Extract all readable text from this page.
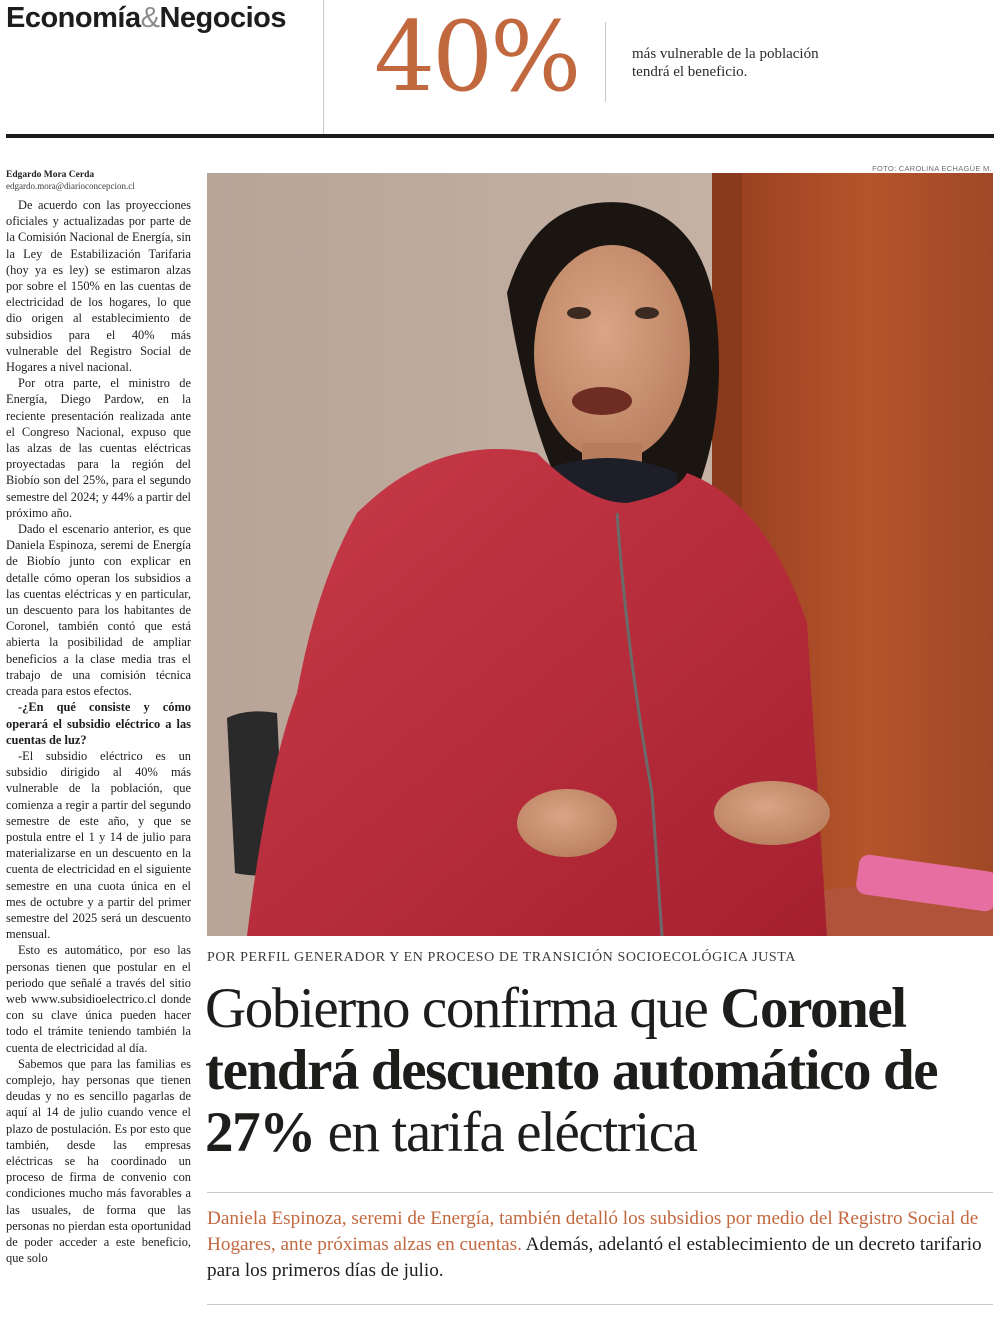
Economía&Negocios 40%	más vulnerable de la población
tendrá el beneficio.
Edgardo Mora Cerda
edgardo.mora@diarioconcepcion.cl

De acuerdo con las proyecciones oficiales y actualizadas por parte de la Comisión Nacional de Energía, sin la Ley de Estabilización Tarifaria (hoy ya es ley) se estimaron alzas por sobre el 150% en las cuentas de electricidad de los hogares, lo que dio origen al establecimiento de subsidios para el 40% más vulnerable del Registro Social de Hogares a nivel nacional.

Por otra parte, el ministro de Energía, Diego Pardow, en la reciente presentación realizada ante el Congreso Nacional, expuso que las alzas de las cuentas eléctricas proyectadas para la región del Biobío son del 25%, para el segundo semestre del 2024; y 44% a partir del próximo año.

Dado el escenario anterior, es que Daniela Espinoza, seremi de Energía de Biobío junto con explicar en detalle cómo operan los subsidios a las cuentas eléctricas y en particular, un descuento para los habitantes de Coronel, también contó que está abierta la posibilidad de ampliar beneficios a la clase media tras el trabajo de una comisión técnica creada para estos efectos.

-¿En qué consiste y cómo operará el subsidio eléctrico a las cuentas de luz?

-El subsidio eléctrico es un subsidio dirigido al 40% más vulnerable de la población, que comienza a regir a partir del segundo semestre de este año, y que se postula entre el 1 y 14 de julio para materializarse en un descuento en la cuenta de electricidad en el siguiente semestre en una cuota única en el mes de octubre y a partir del primer semestre del 2025 será un descuento mensual.

Esto es automático, por eso las personas tienen que postular en el periodo que señalé a través del sitio web www.subsidioelectrico.cl donde con su clave única pueden hacer todo el trámite teniendo también la cuenta de electricidad al día.

Sabemos que para las familias es complejo, hay personas que tienen deudas y no es sencillo pagarlas de aquí al 14 de julio cuando vence el plazo de postulación. Es por esto que también, desde las empresas eléctricas se ha coordinado un proceso de firma de convenio con condiciones mucho más favorables a las usuales, de forma que las personas no pierdan esta oportunidad de poder acceder a este beneficio, que solo

FOTO: CAROLINA ECHAGÜE M.
POR PERFIL GENERADOR Y EN PROCESO DE TRANSICIÓN SOCIOECOLÓGICA JUSTA
Gobierno confirma que Coronel tendrá descuento automático de 27% en tarifa eléctrica

Daniela Espinoza, seremi de Energía, también detalló los subsidios por medio del Registro Social de Hogares, ante próximas alzas en cuentas. Además, adelantó el establecimiento de un decreto tarifario para los primeros días de julio.
